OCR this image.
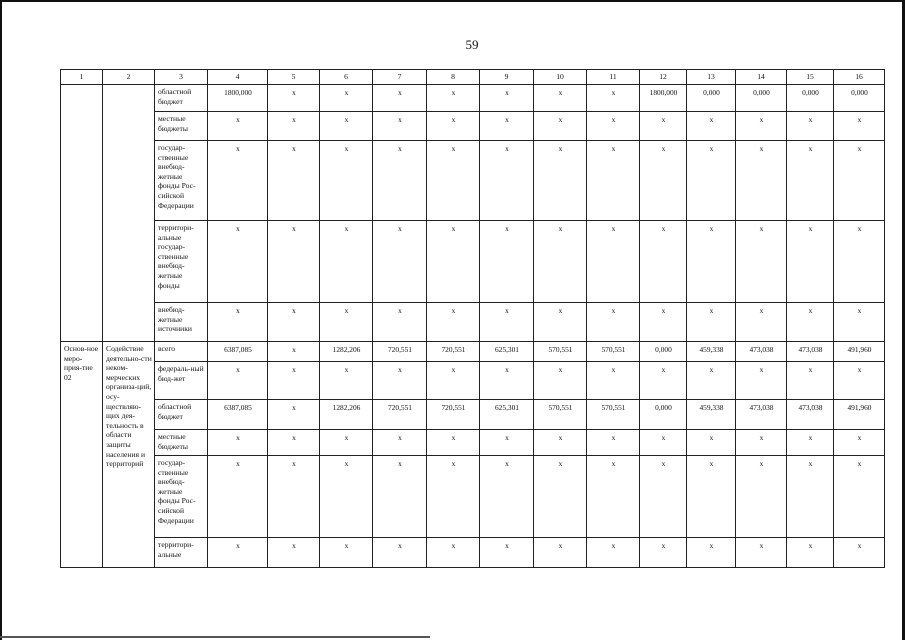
59
1	2	3	4	5	6	7	8	9	10	11	12	13	14	15	16
		областной бюджет	1800,000	x	x	x	x	x	x	x	1800,000	0,000	0,000	0,000	0,000
		местные бюджеты	x	x	x	x	x	x	x	x	x	x	x	x	x
		государ-ственные внебюд-жетные фонды Рос-сийской Федерации	x	x	x	x	x	x	x	x	x	x	x	x	x
		территори-альные государ-ственные внебюд-жетные фонды	x	x	x	x	x	x	x	x	x	x	x	x	x
		внебюд-жетные источники	x	x	x	x	x	x	x	x	x	x	x	x	x

Основ-ное меро-прия-тие 02	Содействие деятельно-сти неком-мерческих организа-ций, осу-ществляю-щих дея-тельность в области защиты населения и территорий	всего	6387,085	x	1282,206	720,551	720,551	625,301	570,551	570,551	0,000	459,338	473,038	473,038	491,960
		федераль-ный бюд-жет	x	x	x	x	x	x	x	x	x	x	x	x	x
		областной бюджет	6387,085	x	1282,206	720,551	720,551	625,301	570,551	570,551	0,000	459,338	473,038	473,038	491,960
		местные бюджеты	x	x	x	x	x	x	x	x	x	x	x	x	x
		государ-ственные внебюд-жетные фонды Рос-сийской Федерации	x	x	x	x	x	x	x	x	x	x	x	x	x
		территори-альные	x	x	x	x	x	x	x	x	x	x	x	x	x
